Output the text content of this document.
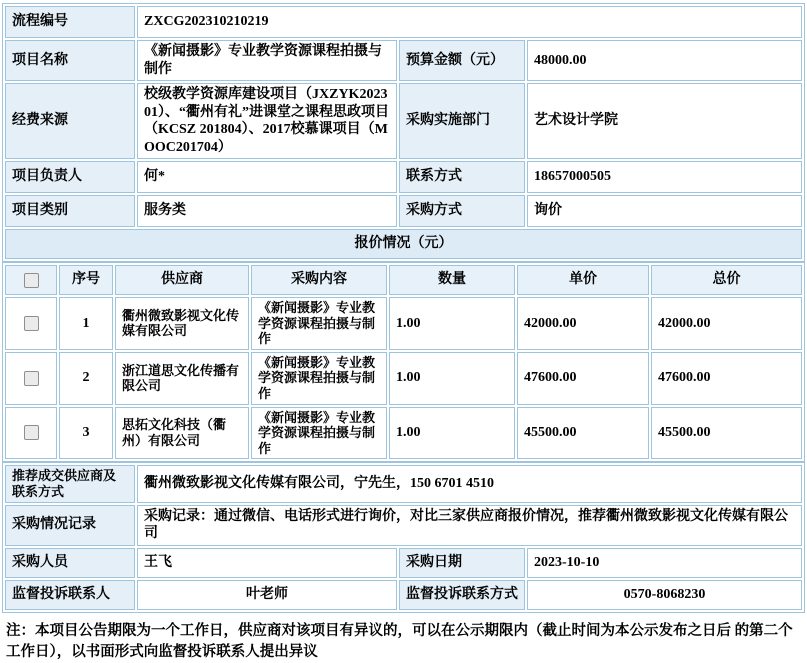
流程编号	ZXCG202310210219		
项目名称	《新闻摄影》专业教学资源课程拍摄与制作	预算金额（元）	48000.00
经费来源	校级教学资源库建设项目（JXZYK202301）、“衢州有礼”进课堂之课程思政项目（KCSZ 201804）、2017校慕课项目（MOOC201704）	采购实施部门	艺术设计学院
项目负责人	何*	联系方式	18657000505
项目类别	服务类	采购方式	询价
报价情况（元）			
	序号	供应商	采购内容	数量	单价	总价
	1	衢州微致影视文化传媒有限公司	《新闻摄影》专业教学资源课程拍摄与制作	1.00	42000.00	42000.00
	2	浙江道思文化传播有限公司	《新闻摄影》专业教学资源课程拍摄与制作	1.00	47600.00	47600.00
	3	思拓文化科技（衢州）有限公司	《新闻摄影》专业教学资源课程拍摄与制作	1.00	45500.00	45500.00
推荐成交供应商及联系方式	衢州微致影视文化传媒有限公司，宁先生，150 6701 4510		
采购情况记录	采购记录：通过微信、电话形式进行询价，对比三家供应商报价情况，推荐衢州微致影视文化传媒有限公司		
采购人员	王飞	采购日期	2023-10-10
监督投诉联系人	叶老师	监督投诉联系方式	0570-8068230
注：本项目公告期限为一个工作日，供应商对该项目有异议的，可以在公示期限内（截止时间为本公示发布之日后 的第二个工作日），以书面形式向监督投诉联系人提出异议
